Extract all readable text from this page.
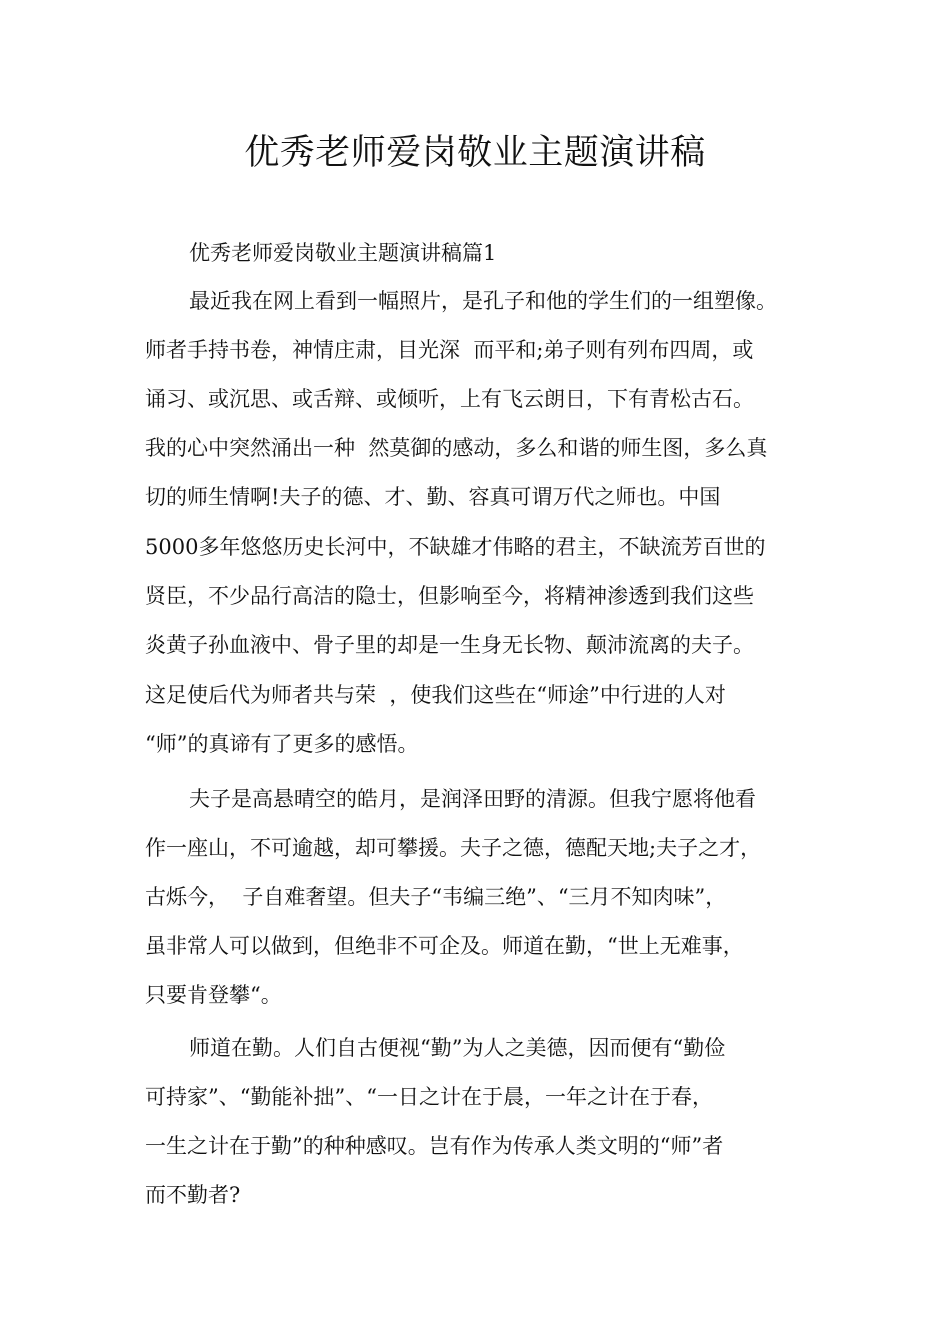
优秀老师爱岗敬业主题演讲稿

优秀老师爱岗敬业主题演讲稿篇1

最近我在网上看到一幅照片，是孔子和他的学生们的一组塑像。

师者手持书卷，神情庄肃，目光深  而平和;弟子则有列布四周，或

诵习、或沉思、或舌辩、或倾听，上有飞云朗日，下有青松古石。

我的心中突然涌出一种  然莫御的感动，多么和谐的师生图，多么真

切的师生情啊!夫子的德、才、勤、容真可谓万代之师也。中国

5000多年悠悠历史长河中，不缺雄才伟略的君主，不缺流芳百世的

贤臣，不少品行高洁的隐士，但影响至今，将精神渗透到我们这些

炎黄子孙血液中、骨子里的却是一生身无长物、颠沛流离的夫子。

这足使后代为师者共与荣  ，使我们这些在“师途”中行进的人对

“师”的真谛有了更多的感悟。

夫子是高悬晴空的皓月，是润泽田野的清源。但我宁愿将他看

作一座山，不可逾越，却可攀援。夫子之德，德配天地;夫子之才，

古烁今，  子自难奢望。但夫子“韦编三绝”、“三月不知肉味”，

虽非常人可以做到，但绝非不可企及。师道在勤，“世上无难事，

只要肯登攀“。

师道在勤。人们自古便视“勤”为人之美德，因而便有“勤俭

可持家”、“勤能补拙”、“一日之计在于晨，一年之计在于春，

一生之计在于勤”的种种感叹。岂有作为传承人类文明的“师”者

而不勤者?
